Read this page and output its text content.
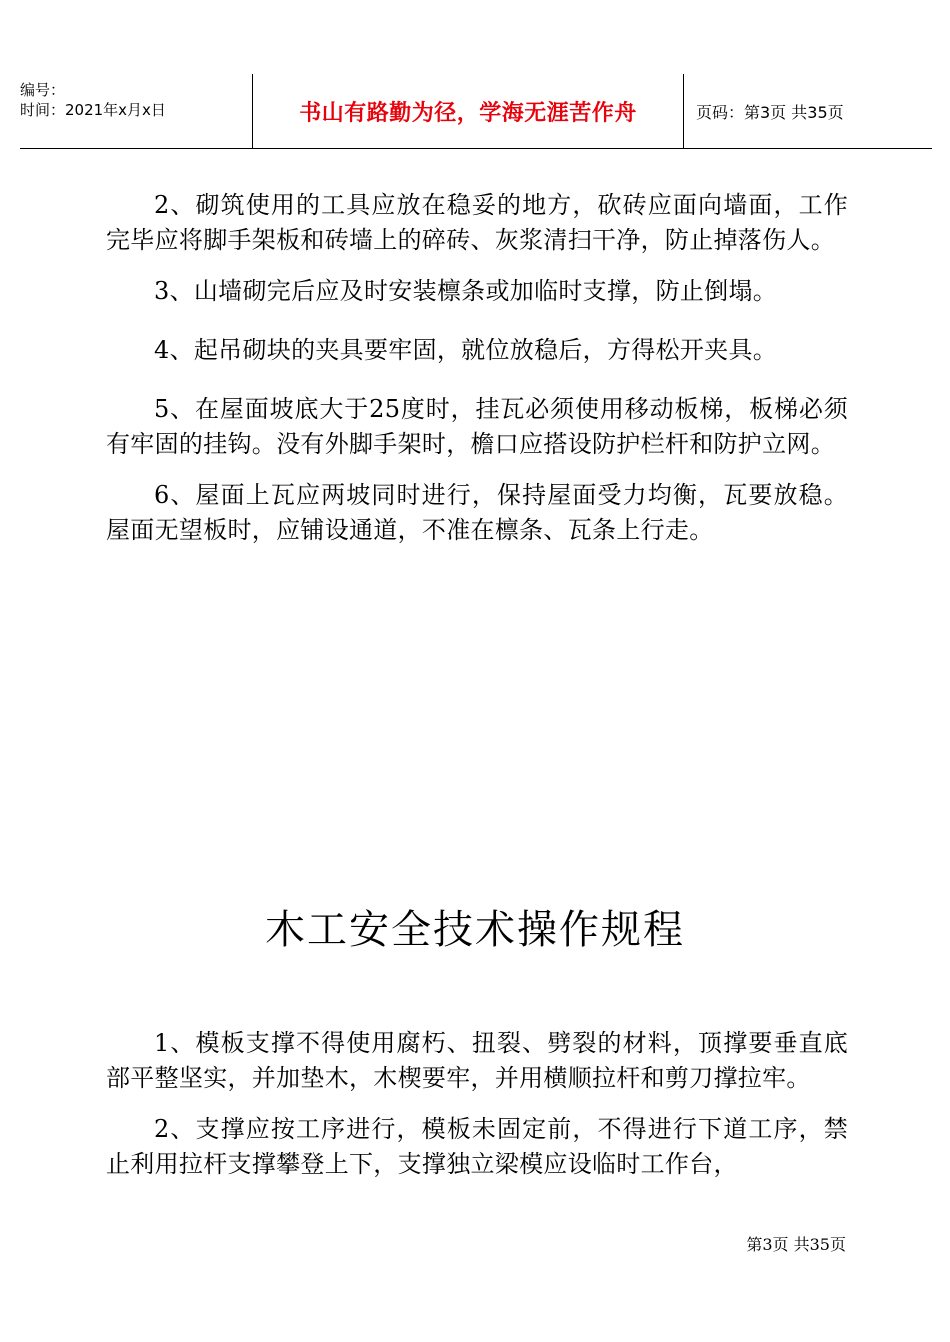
编号：
时间：2021年x月x日	书山有路勤为径，学海无涯苦作舟	页码：第3页 共35页

2、砌筑使用的工具应放在稳妥的地方，砍砖应面向墙面，工作完毕应将脚手架板和砖墙上的碎砖、灰浆清扫干净，防止掉落伤人。

3、山墙砌完后应及时安装檩条或加临时支撑，防止倒塌。

4、起吊砌块的夹具要牢固，就位放稳后，方得松开夹具。

5、在屋面坡底大于25度时，挂瓦必须使用移动板梯，板梯必须有牢固的挂钩。没有外脚手架时，檐口应搭设防护栏杆和防护立网。

6、屋面上瓦应两坡同时进行，保持屋面受力均衡，瓦要放稳。屋面无望板时，应铺设通道，不准在檩条、瓦条上行走。

木工安全技术操作规程

1、模板支撑不得使用腐朽、扭裂、劈裂的材料，顶撑要垂直底部平整坚实，并加垫木，木楔要牢，并用横顺拉杆和剪刀撑拉牢。

2、支撑应按工序进行，模板未固定前，不得进行下道工序，禁止利用拉杆支撑攀登上下，支撑独立梁模应设临时工作台，

第3页 共35页
